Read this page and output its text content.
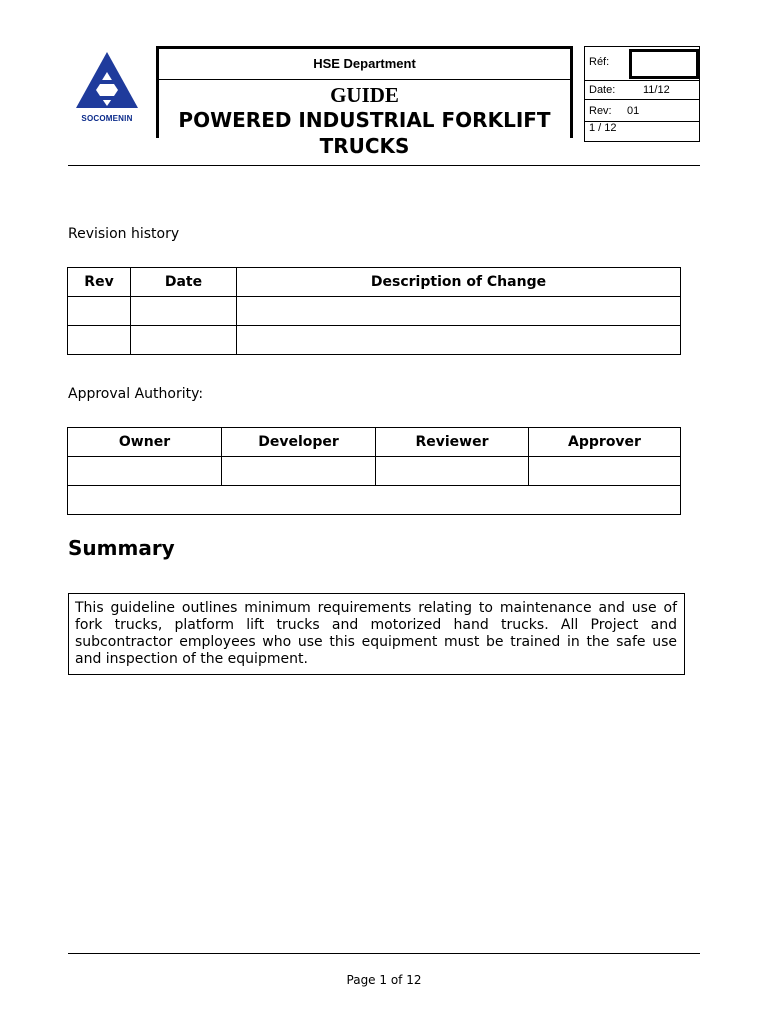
SOCOMENIN
HSE Department
GUIDE
POWERED INDUSTRIAL FORKLIFT TRUCKS
Réf:
Date:	11/12
Rev: 01
1 / 12
Revision history
Rev	Date	Description of Change

Approval Authority:
Owner	Developer	Reviewer	Approver

Summary
This guideline outlines minimum requirements relating to maintenance and use of fork trucks, platform lift trucks and motorized hand trucks. All Project and subcontractor employees who use this equipment must be trained in the safe use and inspection of the equipment.
Page 1 of 12
